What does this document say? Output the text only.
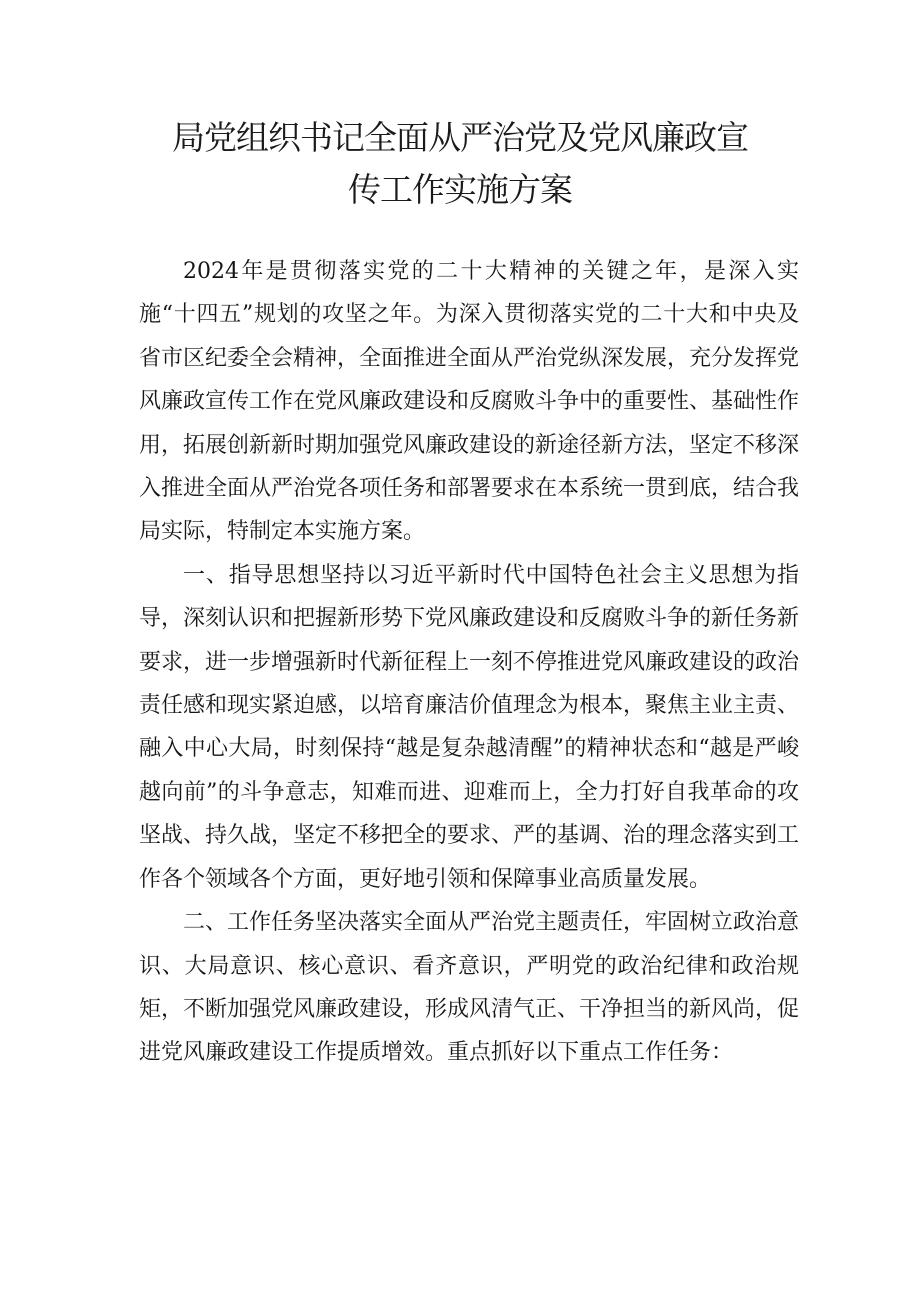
局党组织书记全面从严治党及党风廉政宣
传工作实施方案

2024年是贯彻落实党的二十大精神的关键之年，是深入实施“十四五”规划的攻坚之年。为深入贯彻落实党的二十大和中央及省市区纪委全会精神，全面推进全面从严治党纵深发展，充分发挥党风廉政宣传工作在党风廉政建设和反腐败斗争中的重要性、基础性作用，拓展创新新时期加强党风廉政建设的新途径新方法，坚定不移深入推进全面从严治党各项任务和部署要求在本系统一贯到底，结合我局实际，特制定本实施方案。

一、指导思想坚持以习近平新时代中国特色社会主义思想为指导，深刻认识和把握新形势下党风廉政建设和反腐败斗争的新任务新要求，进一步增强新时代新征程上一刻不停推进党风廉政建设的政治责任感和现实紧迫感，以培育廉洁价值理念为根本，聚焦主业主责、融入中心大局，时刻保持“越是复杂越清醒”的精神状态和“越是严峻越向前”的斗争意志，知难而进、迎难而上，全力打好自我革命的攻坚战、持久战，坚定不移把全的要求、严的基调、治的理念落实到工作各个领域各个方面，更好地引领和保障事业高质量发展。

二、工作任务坚决落实全面从严治党主题责任，牢固树立政治意识、大局意识、核心意识、看齐意识，严明党的政治纪律和政治规矩，不断加强党风廉政建设，形成风清气正、干净担当的新风尚，促进党风廉政建设工作提质增效。重点抓好以下重点工作任务：
